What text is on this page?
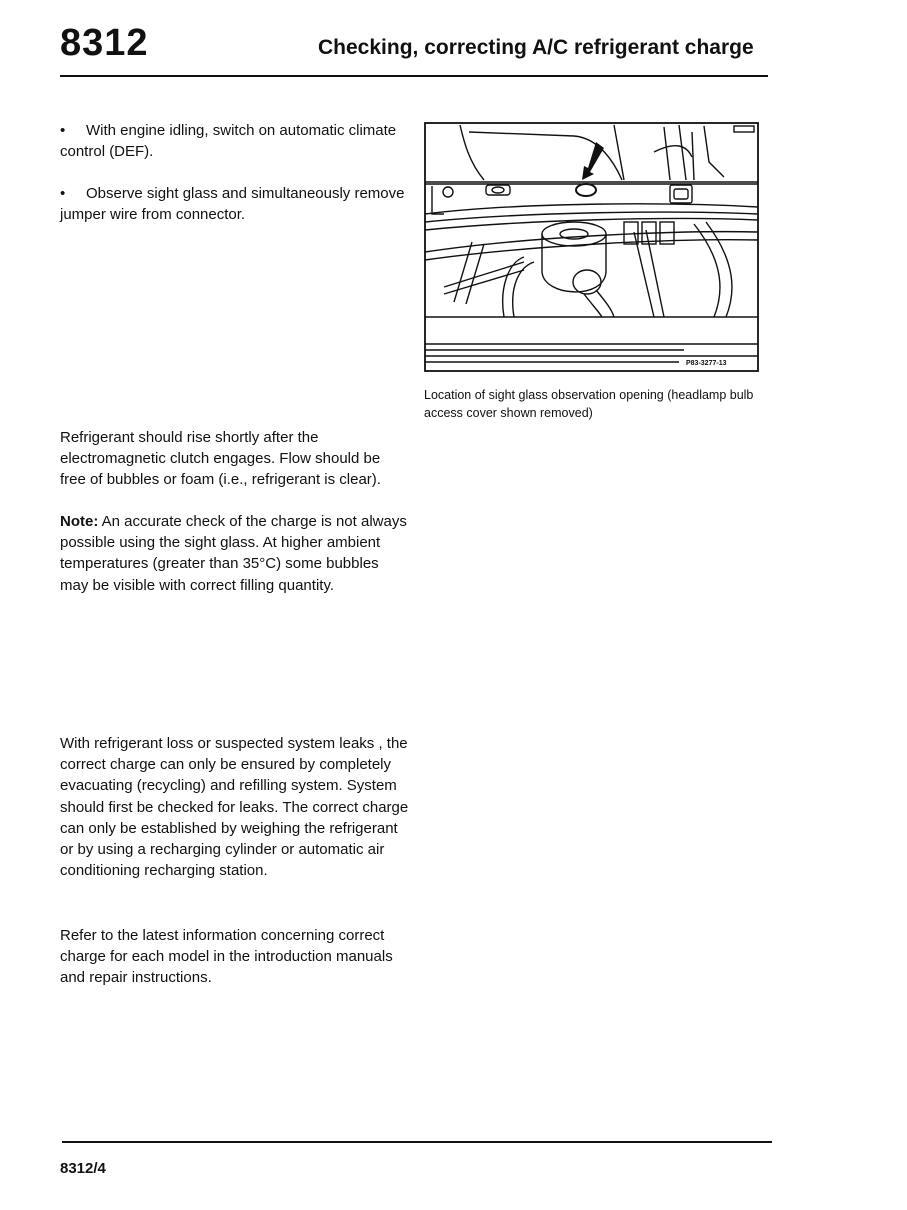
8312	Checking, correcting A/C refrigerant charge
• With engine idling, switch on automatic climate control (DEF).
• Observe sight glass and simultaneously remove jumper wire from connector.
P83-3277-13
Location of sight glass observation opening (headlamp bulb access cover shown removed)
Refrigerant should rise shortly after the electromagnetic clutch engages. Flow should be free of bubbles or foam (i.e., refrigerant is clear).
Note: An accurate check of the charge is not always possible using the sight glass. At higher ambient temperatures (greater than 35°C) some bubbles may be visible with correct filling quantity.
With refrigerant loss or suspected system leaks , the correct charge can only be ensured by completely evacuating (recycling) and refilling system. System should first be checked for leaks. The correct charge can only be established by weighing the refrigerant or by using a recharging cylinder or automatic air conditioning recharging station.
Refer to the latest information concerning correct charge for each model in the introduction manuals and repair instructions.
8312/4
